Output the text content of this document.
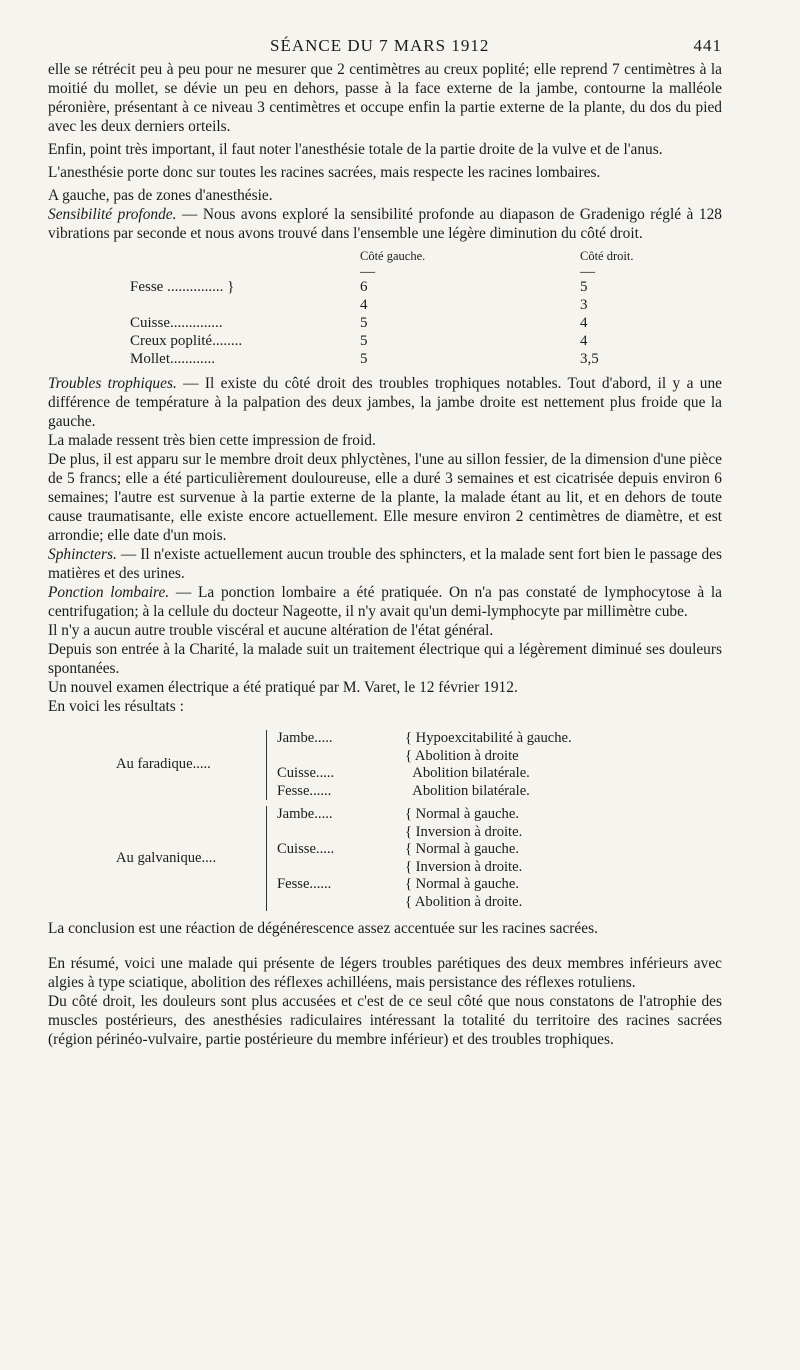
SÉANCE DU 7 MARS 1912	441

elle se rétrécit peu à peu pour ne mesurer que 2 centimètres au creux poplité; elle reprend 7 centimètres à la moitié du mollet, se dévie un peu en dehors, passe à la face externe de la jambe, contourne la malléole péronière, présentant à ce niveau 3 centimètres et occupe enfin la partie externe de la plante, du dos du pied avec les deux derniers orteils.

Enfin, point très important, il faut noter l'anesthésie totale de la partie droite de la vulve et de l'anus.

L'anesthésie porte donc sur toutes les racines sacrées, mais respecte les racines lombaires.

A gauche, pas de zones d'anesthésie.

Sensibilité profonde. — Nous avons exploré la sensibilité profonde au diapason de Gradenigo réglé à 128 vibrations par seconde et nous avons trouvé dans l'ensemble une légère diminution du côté droit.

	Côté gauche.	Côté droit.
	—	—
Fesse ............... }	6	5
	4	3
Cuisse..............	5	4
Creux poplité........	5	4
Mollet............	5	3,5

Troubles trophiques. — Il existe du côté droit des troubles trophiques notables. Tout d'abord, il y a une différence de température à la palpation des deux jambes, la jambe droite est nettement plus froide que la gauche.

La malade ressent très bien cette impression de froid.

De plus, il est apparu sur le membre droit deux phlyctènes, l'une au sillon fessier, de la dimension d'une pièce de 5 francs; elle a été particulièrement douloureuse, elle a duré 3 semaines et est cicatrisée depuis environ 6 semaines; l'autre est survenue à la partie externe de la plante, la malade étant au lit, et en dehors de toute cause traumatisante, elle existe encore actuellement. Elle mesure environ 2 centimètres de diamètre, et est arrondie; elle date d'un mois.

Sphincters. — Il n'existe actuellement aucun trouble des sphincters, et la malade sent fort bien le passage des matières et des urines.

Ponction lombaire. — La ponction lombaire a été pratiquée. On n'a pas constaté de lymphocytose à la centrifugation; à la cellule du docteur Nageotte, il n'y avait qu'un demi-lymphocyte par millimètre cube.

Il n'y a aucun autre trouble viscéral et aucune altération de l'état général.

Depuis son entrée à la Charité, la malade suit un traitement électrique qui a légèrement diminué ses douleurs spontanées.

Un nouvel examen électrique a été pratiqué par M. Varet, le 12 février 1912.

En voici les résultats :

Au faradique.....	Jambe.....	{ Hypoexcitabilité à gauche.
		{ Abolition à droite
	Cuisse.....	Abolition bilatérale.
	Fesse......	Abolition bilatérale.

Au galvanique....	Jambe.....	{ Normal à gauche.
		{ Inversion à droite.
	Cuisse.....	{ Normal à gauche.
		{ Inversion à droite.
	Fesse......	{ Normal à gauche.
		{ Abolition à droite.

La conclusion est une réaction de dégénérescence assez accentuée sur les racines sacrées.

En résumé, voici une malade qui présente de légers troubles parétiques des deux membres inférieurs avec algies à type sciatique, abolition des réflexes achilléens, mais persistance des réflexes rotuliens.

Du côté droit, les douleurs sont plus accusées et c'est de ce seul côté que nous constatons de l'atrophie des muscles postérieurs, des anesthésies radiculaires intéressant la totalité du territoire des racines sacrées (région périnéo-vulvaire, partie postérieure du membre inférieur) et des troubles trophiques.
